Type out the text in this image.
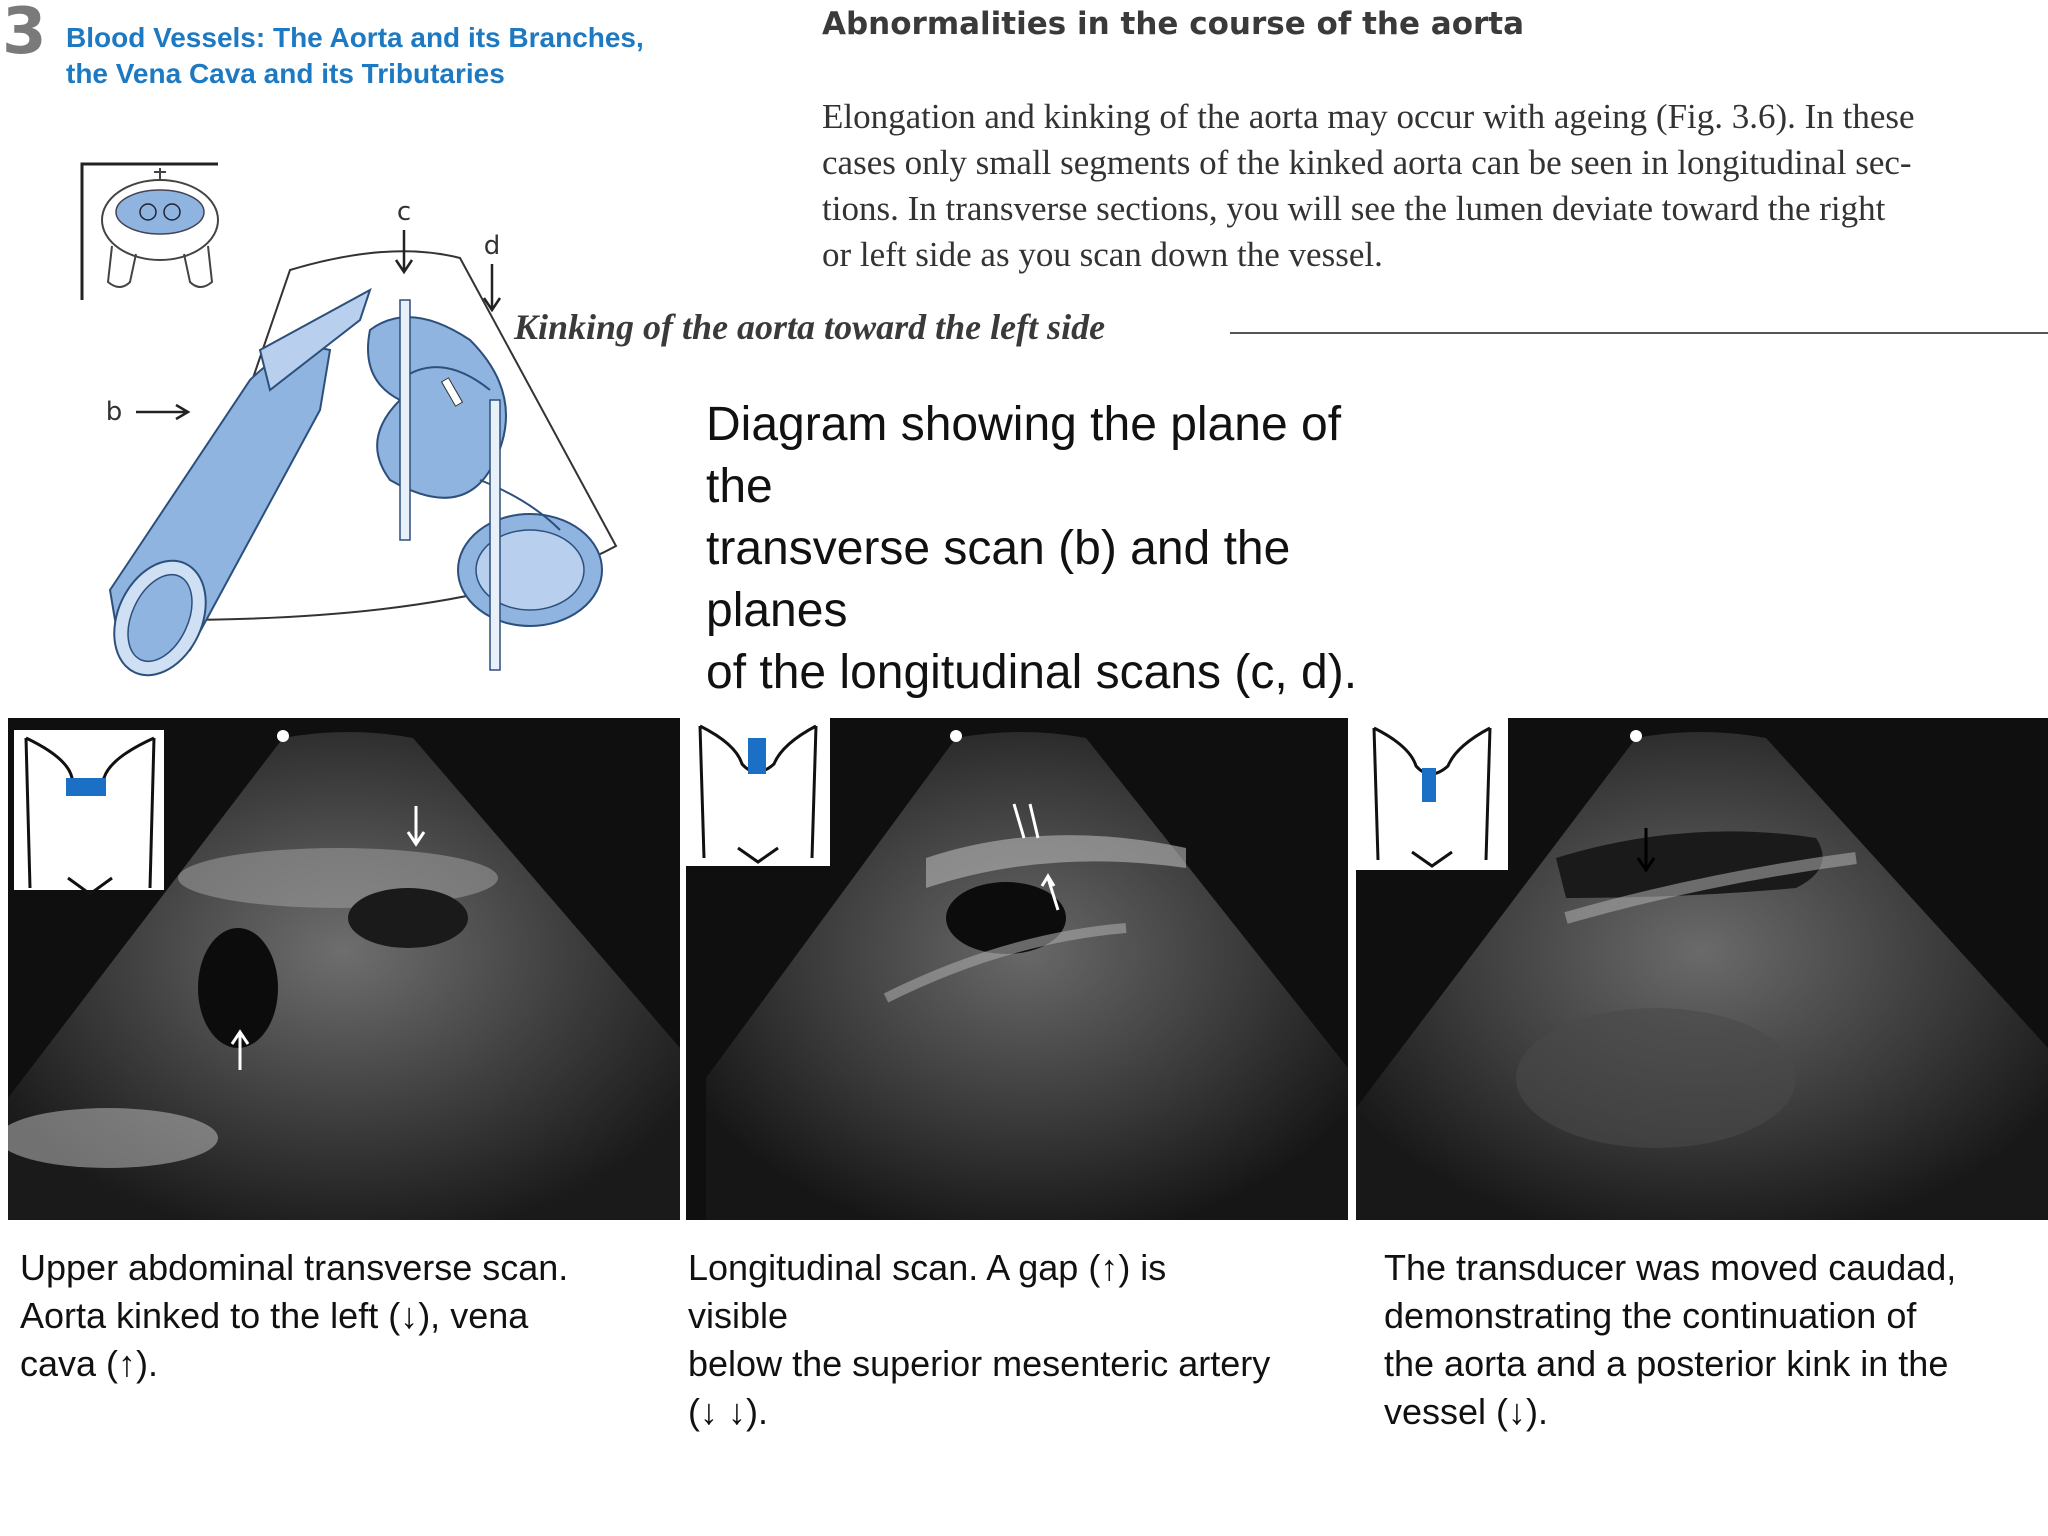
3 Blood Vessels: The Aorta and its Branches,
the Vena Cava and its Tributaries
Abnormalities in the course of the aorta
Elongation and kinking of the aorta may occur with ageing (Fig. 3.6). In these
cases only small segments of the kinked aorta can be seen in longitudinal sec-
tions. In transverse sections, you will see the lumen deviate toward the right
or left side as you scan down the vessel.
Kinking of the aorta toward the left side
c
d
b	Diagram showing the plane of the
transverse scan (b) and the planes
of the longitudinal scans (c, d).
Upper abdominal transverse scan.
Aorta kinked to the left (↓), vena
cava (↑).
Longitudinal scan. A gap (↑) is
visible
below the superior mesenteric artery
(↓ ↓).
The transducer was moved caudad,
demonstrating the continuation of
the aorta and a posterior kink in the
vessel (↓).
